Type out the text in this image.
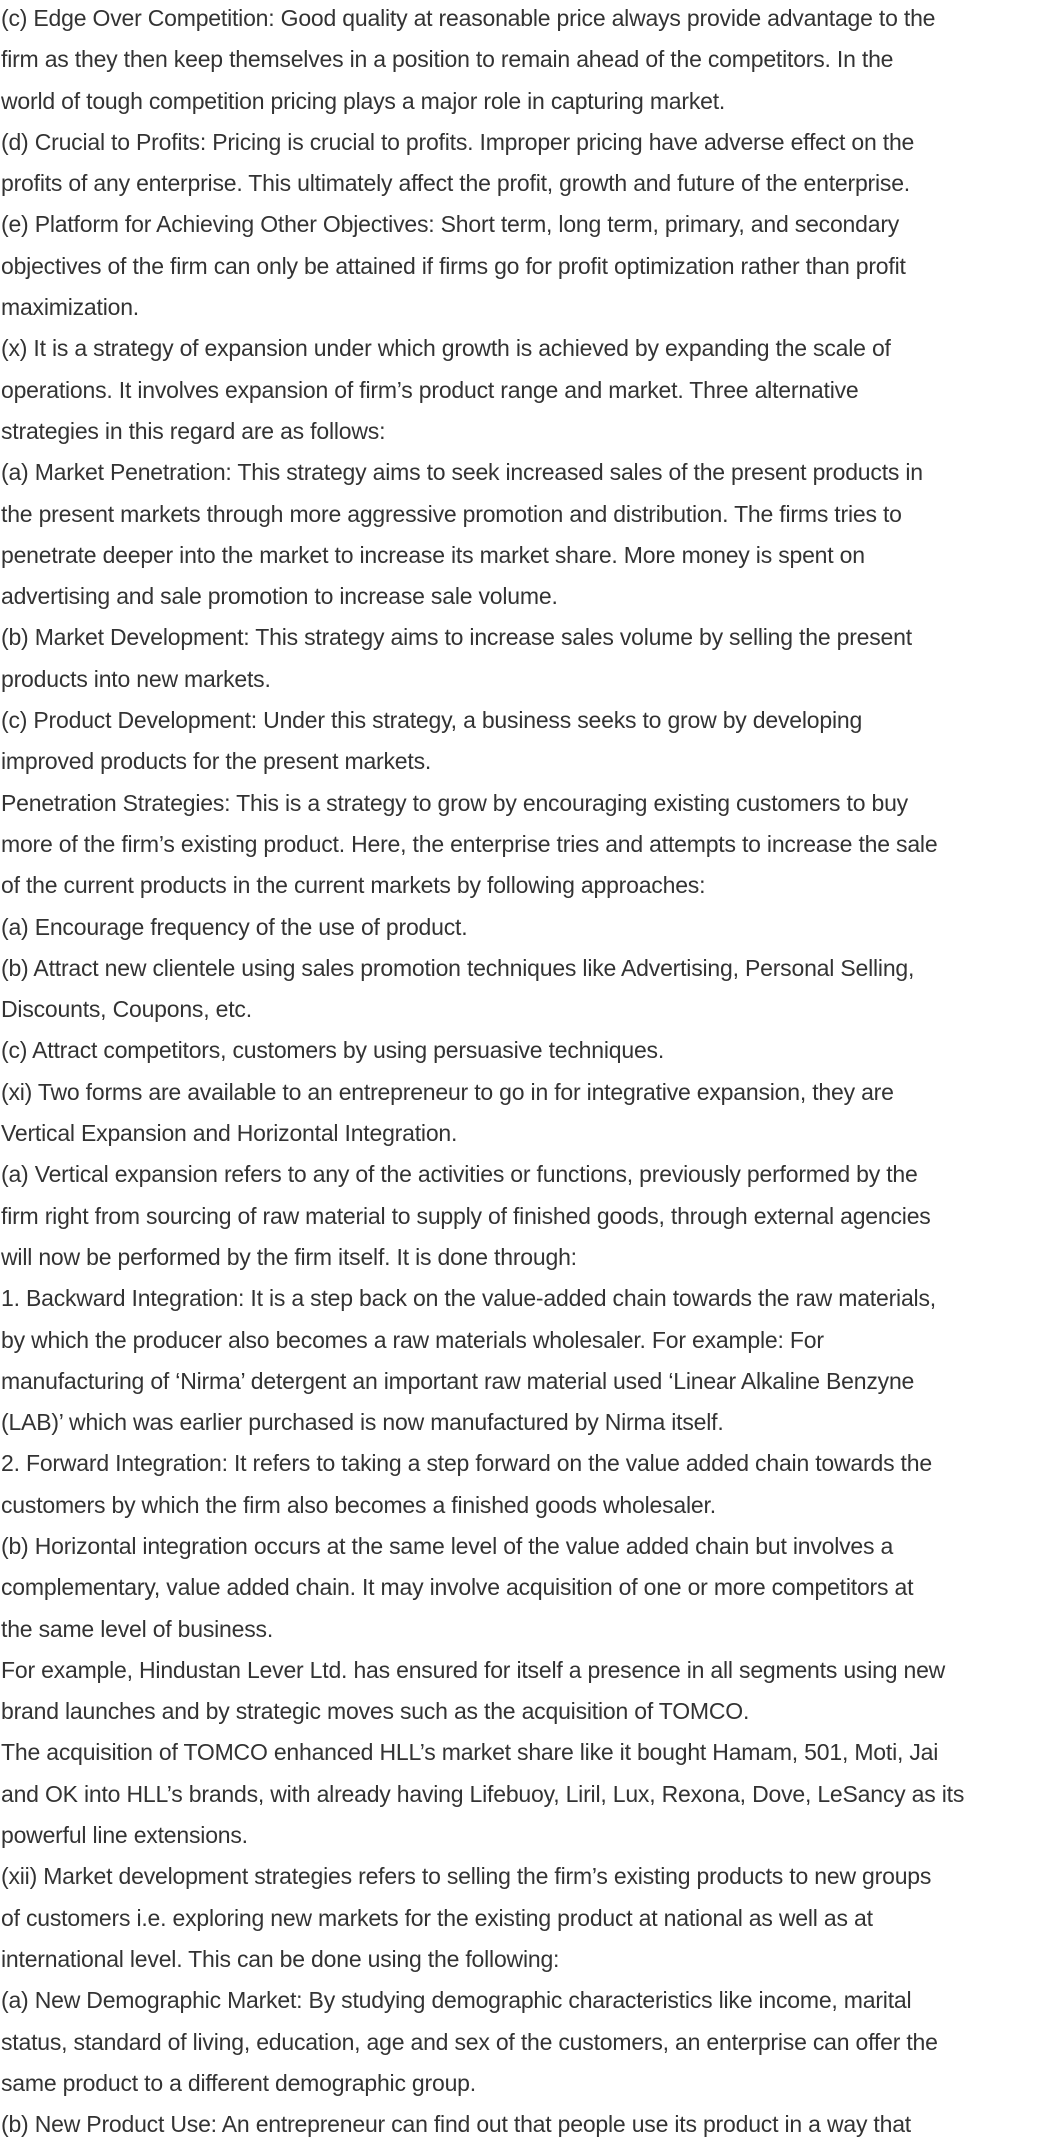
(c) Edge Over Competition: Good quality at reasonable price always provide advantage to the
firm as they then keep themselves in a position to remain ahead of the competitors. In the
world of tough competition pricing plays a major role in capturing market.
(d) Crucial to Profits: Pricing is crucial to profits. Improper pricing have adverse effect on the
profits of any enterprise. This ultimately affect the profit, growth and future of the enterprise.
(e) Platform for Achieving Other Objectives: Short term, long term, primary, and secondary
objectives of the firm can only be attained if firms go for profit optimization rather than profit
maximization.
(x) It is a strategy of expansion under which growth is achieved by expanding the scale of
operations. It involves expansion of firm’s product range and market. Three alternative
strategies in this regard are as follows:
(a) Market Penetration: This strategy aims to seek increased sales of the present products in
the present markets through more aggressive promotion and distribution. The firms tries to
penetrate deeper into the market to increase its market share. More money is spent on
advertising and sale promotion to increase sale volume.
(b) Market Development: This strategy aims to increase sales volume by selling the present
products into new markets.
(c) Product Development: Under this strategy, a business seeks to grow by developing
improved products for the present markets.
Penetration Strategies: This is a strategy to grow by encouraging existing customers to buy
more of the firm’s existing product. Here, the enterprise tries and attempts to increase the sale
of the current products in the current markets by following approaches:
(a) Encourage frequency of the use of product.
(b) Attract new clientele using sales promotion techniques like Advertising, Personal Selling,
Discounts, Coupons, etc.
(c) Attract competitors, customers by using persuasive techniques.
(xi) Two forms are available to an entrepreneur to go in for integrative expansion, they are
Vertical Expansion and Horizontal Integration.
(a) Vertical expansion refers to any of the activities or functions, previously performed by the
firm right from sourcing of raw material to supply of finished goods, through external agencies
will now be performed by the firm itself. It is done through:
1. Backward Integration: It is a step back on the value-added chain towards the raw materials,
by which the producer also becomes a raw materials wholesaler. For example: For
manufacturing of ‘Nirma’ detergent an important raw material used ‘Linear Alkaline Benzyne
(LAB)’ which was earlier purchased is now manufactured by Nirma itself.
2. Forward Integration: It refers to taking a step forward on the value added chain towards the
customers by which the firm also becomes a finished goods wholesaler.
(b) Horizontal integration occurs at the same level of the value added chain but involves a
complementary, value added chain. It may involve acquisition of one or more competitors at
the same level of business.
For example, Hindustan Lever Ltd. has ensured for itself a presence in all segments using new
brand launches and by strategic moves such as the acquisition of TOMCO.
The acquisition of TOMCO enhanced HLL’s market share like it bought Hamam, 501, Moti, Jai
and OK into HLL’s brands, with already having Lifebuoy, Liril, Lux, Rexona, Dove, LeSancy as its
powerful line extensions.
(xii) Market development strategies refers to selling the firm’s existing products to new groups
of customers i.e. exploring new markets for the existing product at national as well as at
international level. This can be done using the following:
(a) New Demographic Market: By studying demographic characteristics like income, marital
status, standard of living, education, age and sex of the customers, an enterprise can offer the
same product to a different demographic group.
(b) New Product Use: An entrepreneur can find out that people use its product in a way that
